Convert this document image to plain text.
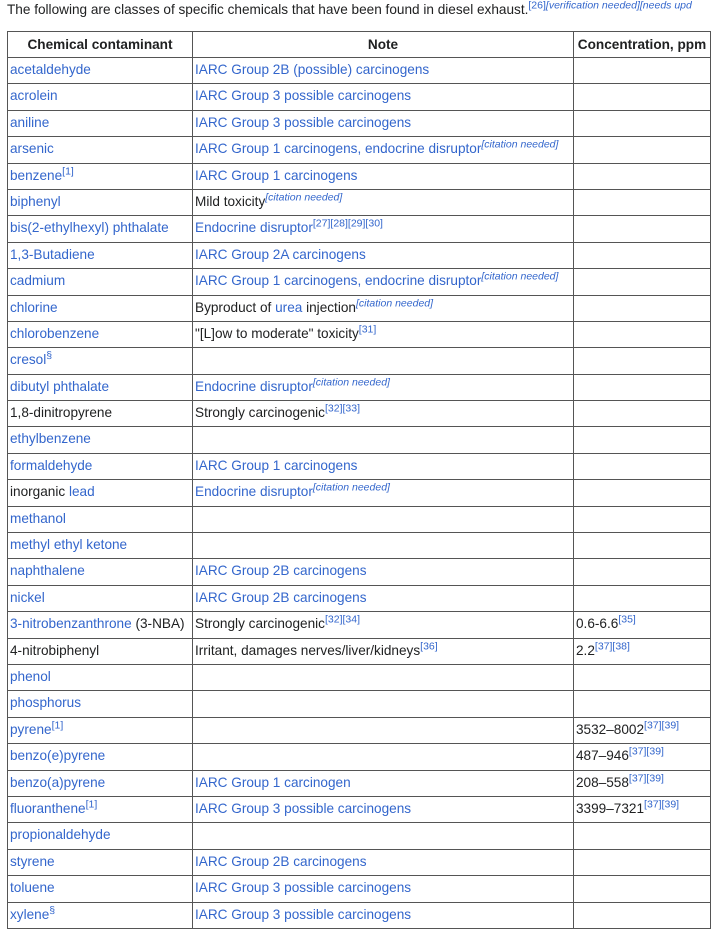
The following are classes of specific chemicals that have been found in diesel exhaust.$^{[26][verification needed][needs upd}$
Chemical contaminant	Note	Concentration, ppm
acetaldehyde	IARC Group 2B (possible) carcinogens	
acrolein	IARC Group 3 possible carcinogens	
aniline	IARC Group 3 possible carcinogens	
arsenic	IARC Group 1 carcinogens, endocrine disruptor[citation needed]	
benzene[1]	IARC Group 1 carcinogens	
biphenyl	Mild toxicity[citation needed]	
bis(2-ethylhexyl) phthalate	Endocrine disruptor[27][28][29][30]	
1,3-Butadiene	IARC Group 2A carcinogens	
cadmium	IARC Group 1 carcinogens, endocrine disruptor[citation needed]	
chlorine	Byproduct of urea injection[citation needed]	
chlorobenzene	"[L]ow to moderate" toxicity[31]	
cresol§		
dibutyl phthalate	Endocrine disruptor[citation needed]	
1,8-dinitropyrene	Strongly carcinogenic[32][33]	
ethylbenzene		
formaldehyde	IARC Group 1 carcinogens	
inorganic lead	Endocrine disruptor[citation needed]	
methanol		
methyl ethyl ketone		
naphthalene	IARC Group 2B carcinogens	
nickel	IARC Group 2B carcinogens	
3-nitrobenzanthrone (3-NBA)	Strongly carcinogenic[32][34]	0.6-6.6[35]
4-nitrobiphenyl	Irritant, damages nerves/liver/kidneys[36]	2.2[37][38]
phenol		
phosphorus		
pyrene[1]		3532–8002[37][39]
benzo(e)pyrene		487–946[37][39]
benzo(a)pyrene	IARC Group 1 carcinogen	208–558[37][39]
fluoranthene[1]	IARC Group 3 possible carcinogens	3399–7321[37][39]
propionaldehyde		
styrene	IARC Group 2B carcinogens	
toluene	IARC Group 3 possible carcinogens	
xylene§	IARC Group 3 possible carcinogens	
